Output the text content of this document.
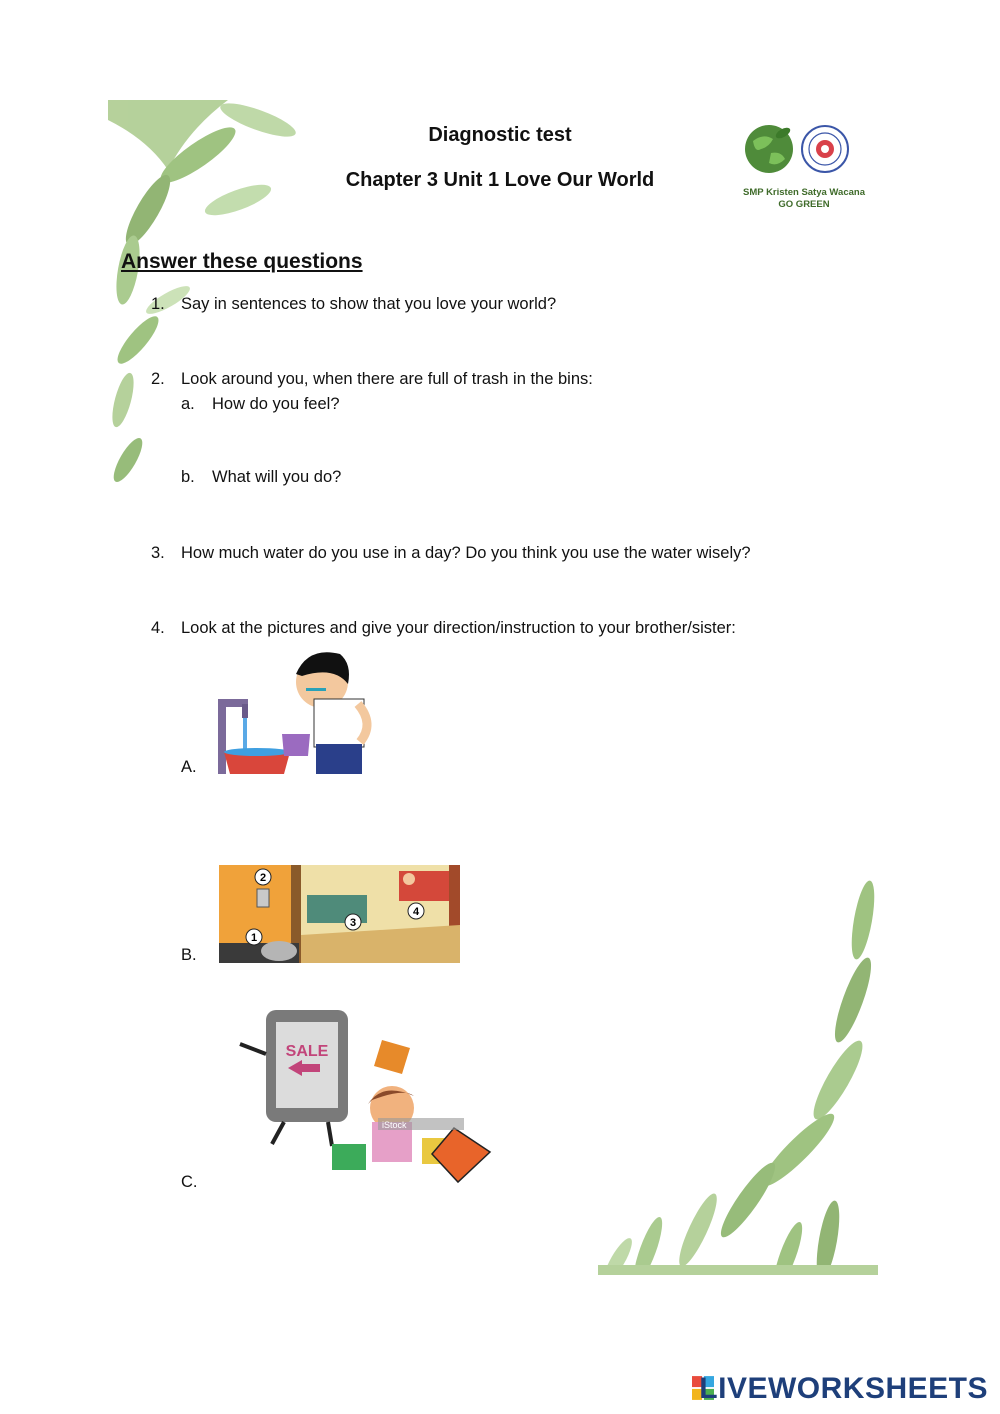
Diagnostic test
Chapter 3 Unit 1 Love Our World
SMP Kristen Satya Wacana
GO GREEN
Answer these questions
1. Say in sentences to show that you love your world?
2. Look around you, when there are full of trash in the bins:
a. How do you feel?
b. What will you do?
3. How much water do you use in a day? Do you think you use the water wisely?
4. Look at the pictures and give your direction/instruction to your brother/sister:
A.
B.
2
1
3
4
C.
SALE
iStock
LIVEWORKSHEETS
